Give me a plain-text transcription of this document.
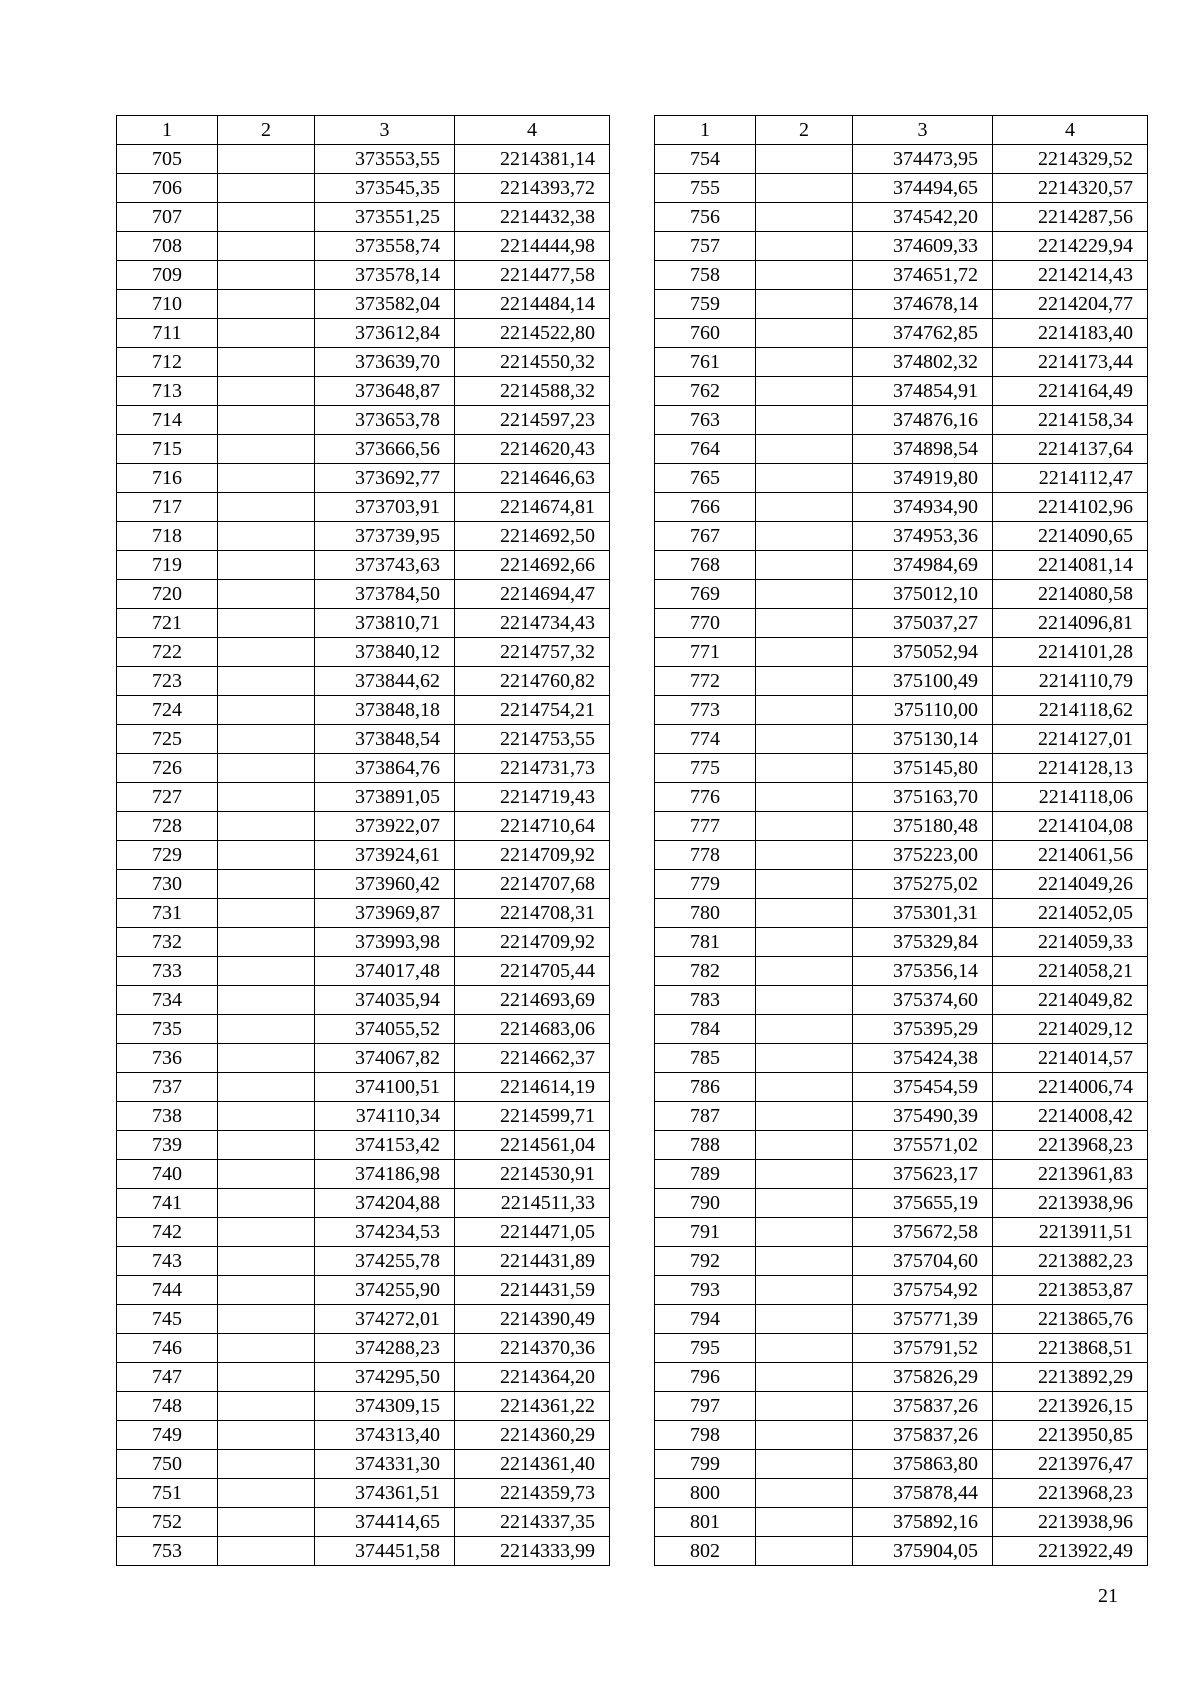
1	2	3	4
705		373553,55	2214381,14
706		373545,35	2214393,72
707		373551,25	2214432,38
708		373558,74	2214444,98
709		373578,14	2214477,58
710		373582,04	2214484,14
711		373612,84	2214522,80
712		373639,70	2214550,32
713		373648,87	2214588,32
714		373653,78	2214597,23
715		373666,56	2214620,43
716		373692,77	2214646,63
717		373703,91	2214674,81
718		373739,95	2214692,50
719		373743,63	2214692,66
720		373784,50	2214694,47
721		373810,71	2214734,43
722		373840,12	2214757,32
723		373844,62	2214760,82
724		373848,18	2214754,21
725		373848,54	2214753,55
726		373864,76	2214731,73
727		373891,05	2214719,43
728		373922,07	2214710,64
729		373924,61	2214709,92
730		373960,42	2214707,68
731		373969,87	2214708,31
732		373993,98	2214709,92
733		374017,48	2214705,44
734		374035,94	2214693,69
735		374055,52	2214683,06
736		374067,82	2214662,37
737		374100,51	2214614,19
738		374110,34	2214599,71
739		374153,42	2214561,04
740		374186,98	2214530,91
741		374204,88	2214511,33
742		374234,53	2214471,05
743		374255,78	2214431,89
744		374255,90	2214431,59
745		374272,01	2214390,49
746		374288,23	2214370,36
747		374295,50	2214364,20
748		374309,15	2214361,22
749		374313,40	2214360,29
750		374331,30	2214361,40
751		374361,51	2214359,73
752		374414,65	2214337,35
753		374451,58	2214333,99
1	2	3	4
754		374473,95	2214329,52
755		374494,65	2214320,57
756		374542,20	2214287,56
757		374609,33	2214229,94
758		374651,72	2214214,43
759		374678,14	2214204,77
760		374762,85	2214183,40
761		374802,32	2214173,44
762		374854,91	2214164,49
763		374876,16	2214158,34
764		374898,54	2214137,64
765		374919,80	2214112,47
766		374934,90	2214102,96
767		374953,36	2214090,65
768		374984,69	2214081,14
769		375012,10	2214080,58
770		375037,27	2214096,81
771		375052,94	2214101,28
772		375100,49	2214110,79
773		375110,00	2214118,62
774		375130,14	2214127,01
775		375145,80	2214128,13
776		375163,70	2214118,06
777		375180,48	2214104,08
778		375223,00	2214061,56
779		375275,02	2214049,26
780		375301,31	2214052,05
781		375329,84	2214059,33
782		375356,14	2214058,21
783		375374,60	2214049,82
784		375395,29	2214029,12
785		375424,38	2214014,57
786		375454,59	2214006,74
787		375490,39	2214008,42
788		375571,02	2213968,23
789		375623,17	2213961,83
790		375655,19	2213938,96
791		375672,58	2213911,51
792		375704,60	2213882,23
793		375754,92	2213853,87
794		375771,39	2213865,76
795		375791,52	2213868,51
796		375826,29	2213892,29
797		375837,26	2213926,15
798		375837,26	2213950,85
799		375863,80	2213976,47
800		375878,44	2213968,23
801		375892,16	2213938,96
802		375904,05	2213922,49
21
